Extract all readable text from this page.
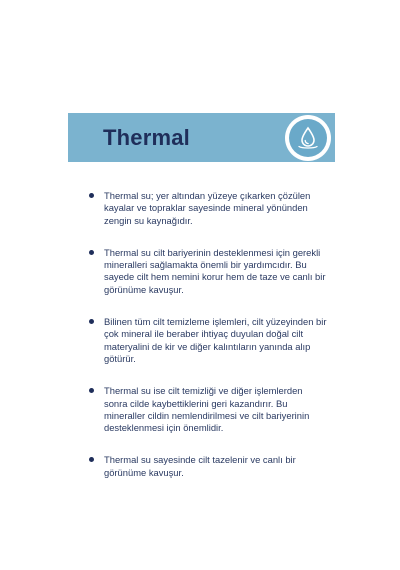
Thermal
Thermal su; yer altından yüzeye çıkarken çözülen kayalar ve topraklar sayesinde mineral yönünden zengin su kaynağıdır.
Thermal su cilt bariyerinin desteklenmesi için gerekli mineralleri sağlamakta önemli bir yardımcıdır. Bu sayede cilt hem nemini korur hem de taze ve canlı bir görünüme kavuşur.
Bilinen tüm cilt temizleme işlemleri, cilt yüzeyinden bir çok mineral ile beraber ihtiyaç duyulan doğal cilt materyalini de kir ve diğer kalıntıların yanında alıp götürür.
Thermal su ise cilt temizliği ve diğer işlemlerden sonra cilde kaybettiklerini geri kazandırır. Bu mineraller cildin nemlendirilmesi ve cilt bariyerinin desteklenmesi için önemlidir.
Thermal su sayesinde cilt tazelenir ve canlı bir görünüme kavuşur.
